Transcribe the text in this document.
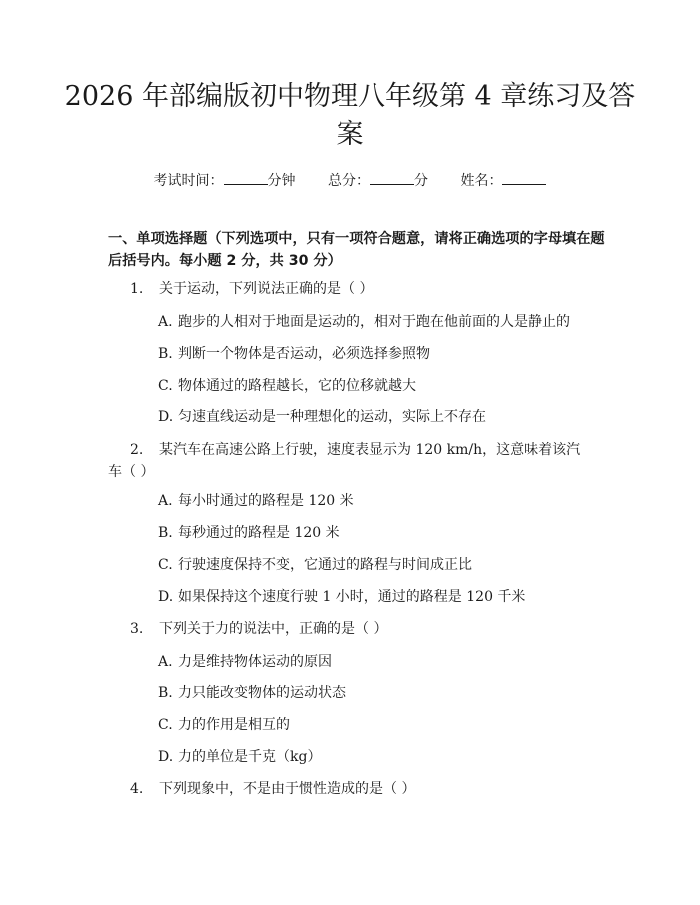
2026 年部编版初中物理八年级第 4 章练习及答案
考试时间：	分钟 总分：	分 姓名：

一、单项选择题（下列选项中，只有一项符合题意，请将正确选项的字母填在题后括号内。每小题 2 分，共 30 分）

1. 关于运动，下列说法正确的是（ ）
A. 跑步的人相对于地面是运动的，相对于跑在他前面的人是静止的
B. 判断一个物体是否运动，必须选择参照物
C. 物体通过的路程越长，它的位移就越大
D. 匀速直线运动是一种理想化的运动，实际上不存在
2. 某汽车在高速公路上行驶，速度表显示为 120 km/h，这意味着该汽车（ ）
A. 每小时通过的路程是 120 米
B. 每秒通过的路程是 120 米
C. 行驶速度保持不变，它通过的路程与时间成正比
D. 如果保持这个速度行驶 1 小时，通过的路程是 120 千米
3. 下列关于力的说法中，正确的是（ ）
A. 力是维持物体运动的原因
B. 力只能改变物体的运动状态
C. 力的作用是相互的
D. 力的单位是千克（kg）
4. 下列现象中，不是由于惯性造成的是（ ）
